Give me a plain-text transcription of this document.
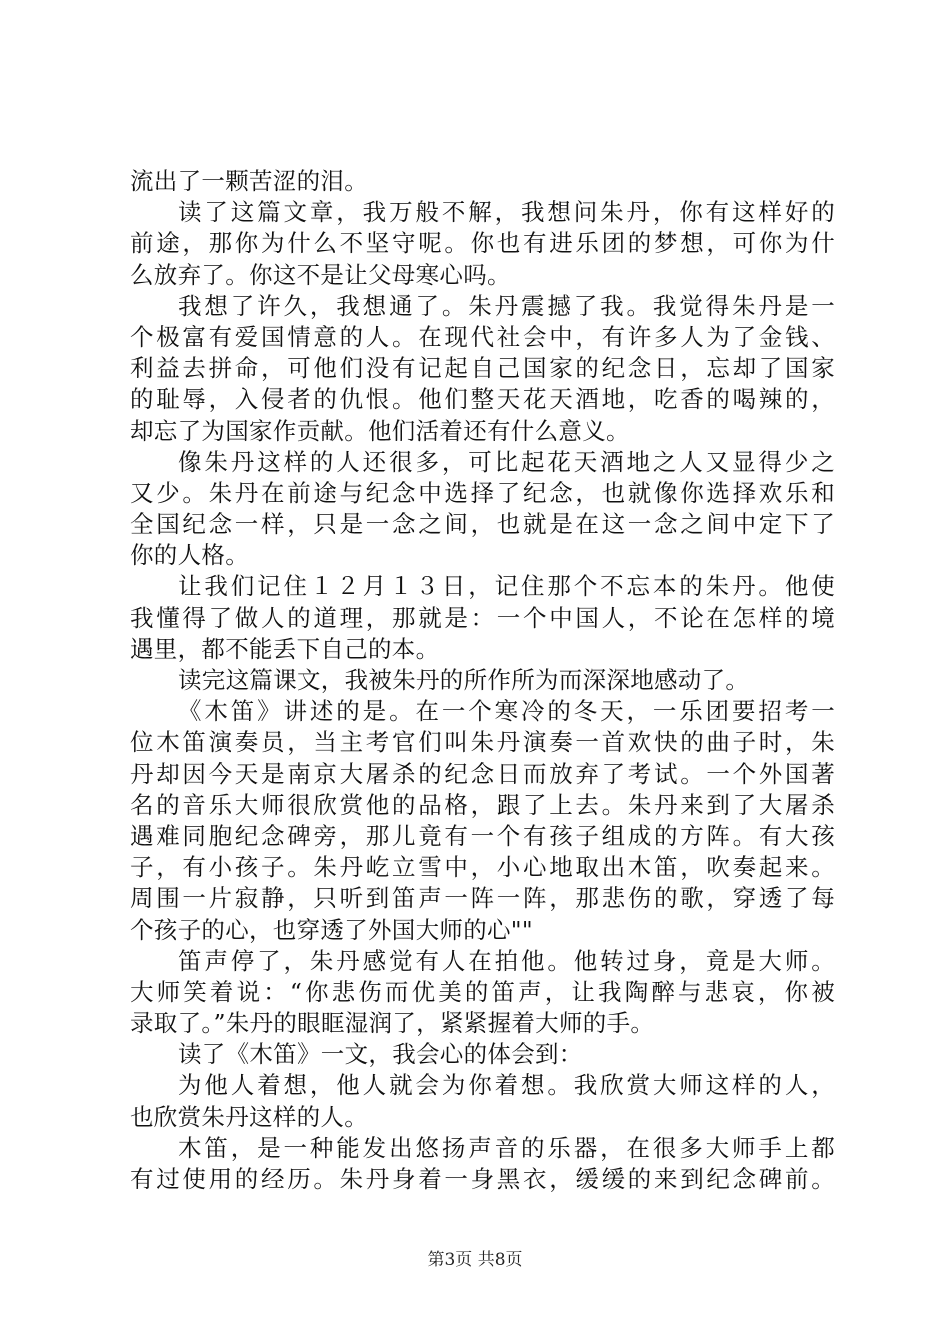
流出了一颗苦涩的泪。
读了这篇文章，我万般不解，我想问朱丹，你有这样好的
前途，那你为什么不坚守呢。你也有进乐团的梦想，可你为什
么放弃了。你这不是让父母寒心吗。
我想了许久，我想通了。朱丹震撼了我。我觉得朱丹是一
个极富有爱国情意的人。在现代社会中，有许多人为了金钱、
利益去拼命，可他们没有记起自己国家的纪念日，忘却了国家
的耻辱，入侵者的仇恨。他们整天花天酒地，吃香的喝辣的，
却忘了为国家作贡献。他们活着还有什么意义。
像朱丹这样的人还很多，可比起花天酒地之人又显得少之
又少。朱丹在前途与纪念中选择了纪念，也就像你选择欢乐和
全国纪念一样，只是一念之间，也就是在这一念之间中定下了
你的人格。
让我们记住１２月１３日，记住那个不忘本的朱丹。他使
我懂得了做人的道理，那就是：一个中国人，不论在怎样的境
遇里，都不能丢下自己的本。
读完这篇课文，我被朱丹的所作所为而深深地感动了。
《木笛》讲述的是。在一个寒冷的冬天，一乐团要招考一
位木笛演奏员，当主考官们叫朱丹演奏一首欢快的曲子时，朱
丹却因今天是南京大屠杀的纪念日而放弃了考试。一个外国著
名的音乐大师很欣赏他的品格，跟了上去。朱丹来到了大屠杀
遇难同胞纪念碑旁，那儿竟有一个有孩子组成的方阵。有大孩
子，有小孩子。朱丹屹立雪中，小心地取出木笛，吹奏起来。
周围一片寂静，只听到笛声一阵一阵，那悲伤的歌，穿透了每
个孩子的心，也穿透了外国大师的心""
笛声停了，朱丹感觉有人在拍他。他转过身，竟是大师。
大师笑着说：“你悲伤而优美的笛声，让我陶醉与悲哀，你被
录取了。”朱丹的眼眶湿润了，紧紧握着大师的手。
读了《木笛》一文，我会心的体会到：
为他人着想，他人就会为你着想。我欣赏大师这样的人，
也欣赏朱丹这样的人。
木笛，是一种能发出悠扬声音的乐器，在很多大师手上都
有过使用的经历。朱丹身着一身黑衣，缓缓的来到纪念碑前。
第3页 共8页
